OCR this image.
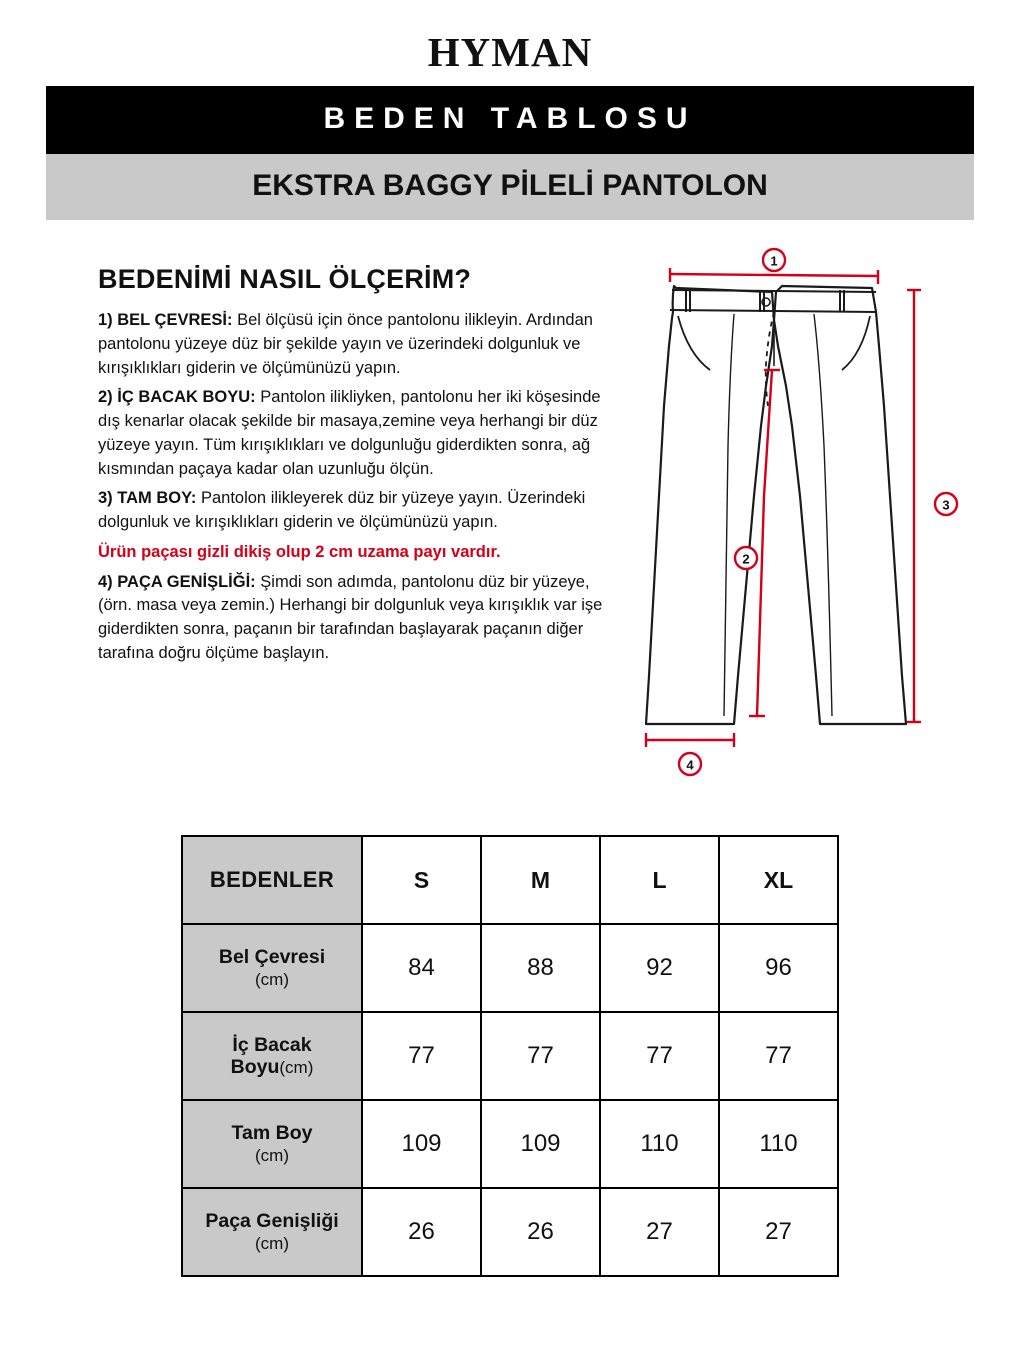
HYMAN
BEDEN TABLOSU
EKSTRA BAGGY PİLELİ PANTOLON
BEDENİMİ NASIL ÖLÇERİM?

1) BEL ÇEVRESİ: Bel ölçüsü için önce pantolonu ilikleyin. Ardından pantolonu yüzeye düz bir şekilde yayın ve üzerindeki dolgunluk ve kırışıklıkları giderin ve ölçümünüzü yapın.

2) İÇ BACAK BOYU: Pantolon ilikliyken, pantolonu her iki köşesinde dış kenarlar olacak şekilde bir masaya,zemine veya herhangi bir düz yüzeye yayın. Tüm kırışıklıkları ve dolgunluğu giderdikten sonra, ağ kısmından paçaya kadar olan uzunluğu ölçün.

3) TAM BOY: Pantolon ilikleyerek düz bir yüzeye yayın. Üzerindeki dolgunluk ve kırışıklıkları giderin ve ölçümünüzü yapın.

Ürün paçası gizli dikiş olup 2 cm uzama payı vardır.

4) PAÇA GENİŞLİĞİ: Şimdi son adımda, pantolonu düz bir yüzeye, (örn. masa veya zemin.) Herhangi bir dolgunluk veya kırışıklık var işe giderdikten sonra, paçanın bir tarafından başlayarak paçanın diğer tarafına doğru ölçüme başlayın.

1
2
3
4
BEDENLER	S	M	L	XL
Bel Çevresi
(cm)	84	88	92	96
İç Bacak
Boyu(cm)	77	77	77	77
Tam Boy
(cm)	109	109	110	110
Paça Genişliği
(cm)	26	26	27	27
